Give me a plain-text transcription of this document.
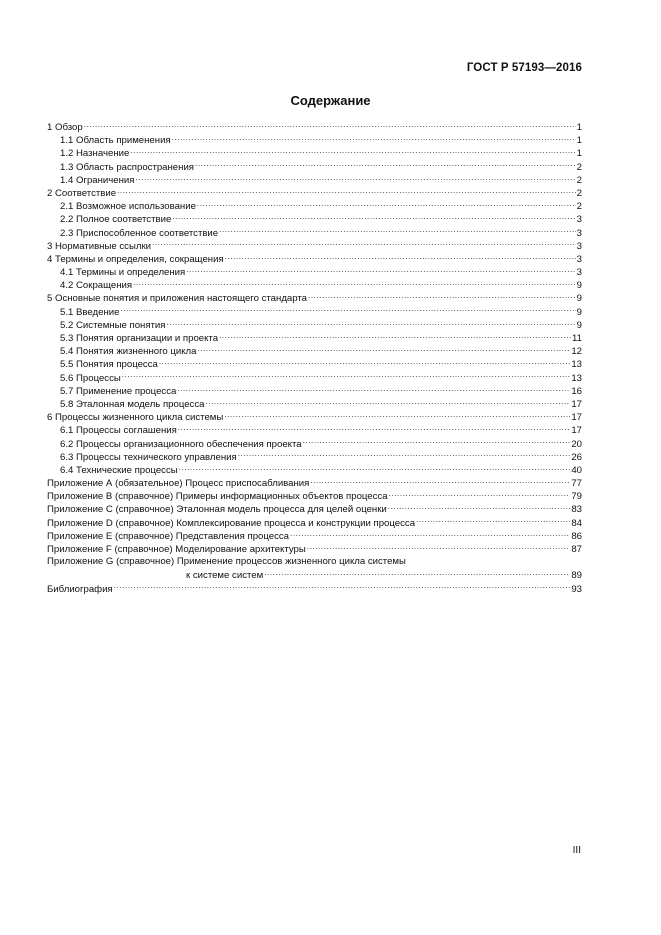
ГОСТ Р 57193—2016
Содержание
1 Обзор .....	1
1.1 Область применения .....	1
1.2 Назначение .....	1
1.3 Область распространения .....	2
1.4 Ограничения .....	2
2 Соответствие .....	2
2.1 Возможное использование .....	2
2.2 Полное соответствие .....	3
2.3 Приспособленное соответствие .....	3
3 Нормативные ссылки .....	3
4 Термины и определения, сокращения .....	3
4.1 Термины и определения .....	3
4.2 Сокращения .....	9
5 Основные понятия и приложения настоящего стандарта .....	9
5.1 Введение .....	9
5.2 Системные понятия .....	9
5.3 Понятия организации и проекта .....	11
5.4 Понятия жизненного цикла .....	12
5.5 Понятия процесса .....	13
5.6 Процессы .....	13
5.7 Применение процесса .....	16
5.8 Эталонная модель процесса .....	17
6 Процессы жизненного цикла системы .....	17
6.1 Процессы соглашения .....	17
6.2 Процессы организационного обеспечения проекта .....	20
6.3 Процессы технического управления .....	26
6.4 Технические процессы .....	40
Приложение А (обязательное) Процесс приспосабливания .....	77
Приложение В (справочное) Примеры информационных объектов процесса .....	79
Приложение С (справочное) Эталонная модель процесса для целей оценки .....	83
Приложение D (справочное) Комплексирование процесса и конструкции процесса .....	84
Приложение Е (справочное) Представления процесса .....	86
Приложение F (справочное) Моделирование архитектуры .....	87
Приложение G (справочное) Применение процессов жизненного цикла системы
к системе систем .....	89
Библиография .....	93
III
